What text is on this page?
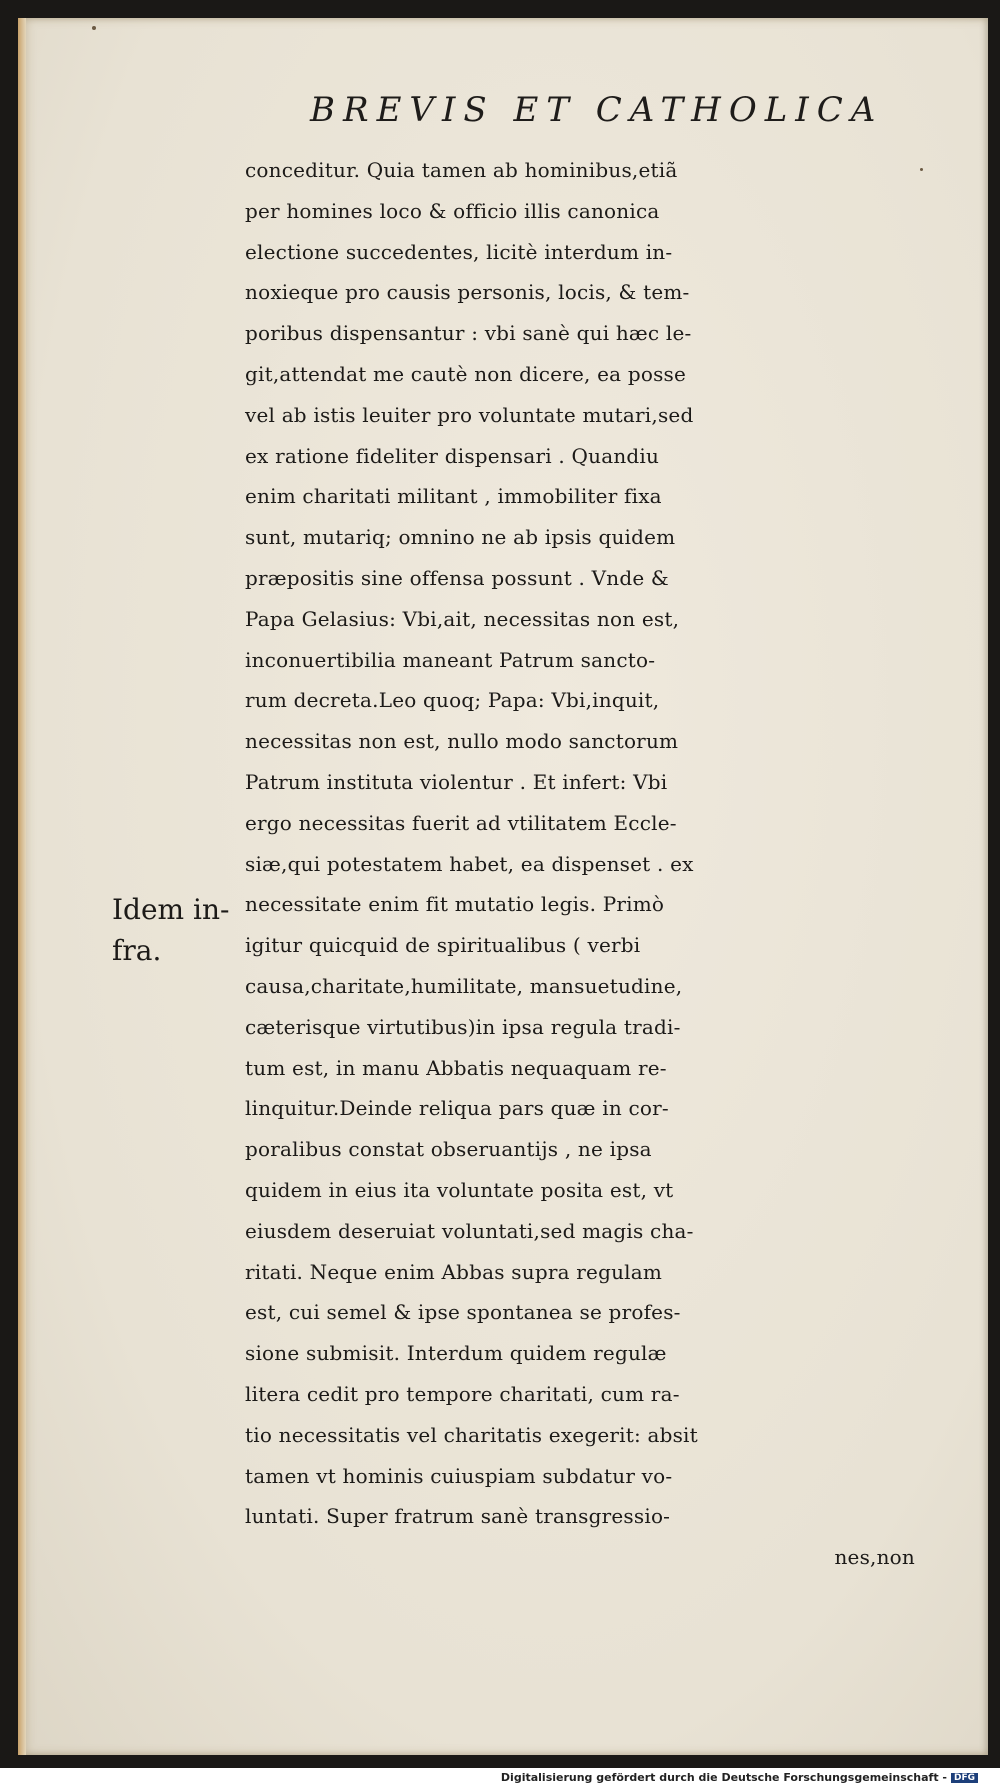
BREVIS ET CATHOLICA
conceditur. Quia tamen ab hominibus,etiã
per homines loco & officio illis canonica
electione succedentes, licitè interdum in-
noxieque pro causis personis, locis, & tem-
poribus dispensantur : vbi sanè qui hæc le-
git,attendat me cautè non dicere, ea posse
vel ab istis leuiter pro voluntate mutari,sed
ex ratione fideliter dispensari . Quandiu
enim charitati militant , immobiliter fixa
sunt, mutariq; omnino ne ab ipsis quidem
præpositis sine offensa possunt . Vnde &
Papa Gelasius: Vbi,ait, necessitas non est,
inconuertibilia maneant Patrum sancto-
rum decreta.Leo quoq; Papa: Vbi,inquit,
necessitas non est, nullo modo sanctorum
Patrum instituta violentur . Et infert: Vbi
ergo necessitas fuerit ad vtilitatem Eccle-
siæ,qui potestatem habet, ea dispenset . ex
necessitate enim fit mutatio legis. Primò
igitur quicquid de spiritualibus ( verbi
causa,charitate,humilitate, mansuetudine,
cæterisque virtutibus)in ipsa regula tradi-
tum est, in manu Abbatis nequaquam re-
linquitur.Deinde reliqua pars quæ in cor-
poralibus constat obseruantijs , ne ipsa
quidem in eius ita voluntate posita est, vt
eiusdem deseruiat voluntati,sed magis cha-
ritati. Neque enim Abbas supra regulam
est, cui semel & ipse spontanea se profes-
sione submisit. Interdum quidem regulæ
litera cedit pro tempore charitati, cum ra-
tio necessitatis vel charitatis exegerit: absit
tamen vt hominis cuiuspiam subdatur vo-
luntati. Super fratrum sanè transgressio-
nes,non
Idem in-
fra.
Digitalisierung gefördert durch die Deutsche Forschungsgemeinschaft - DFG
